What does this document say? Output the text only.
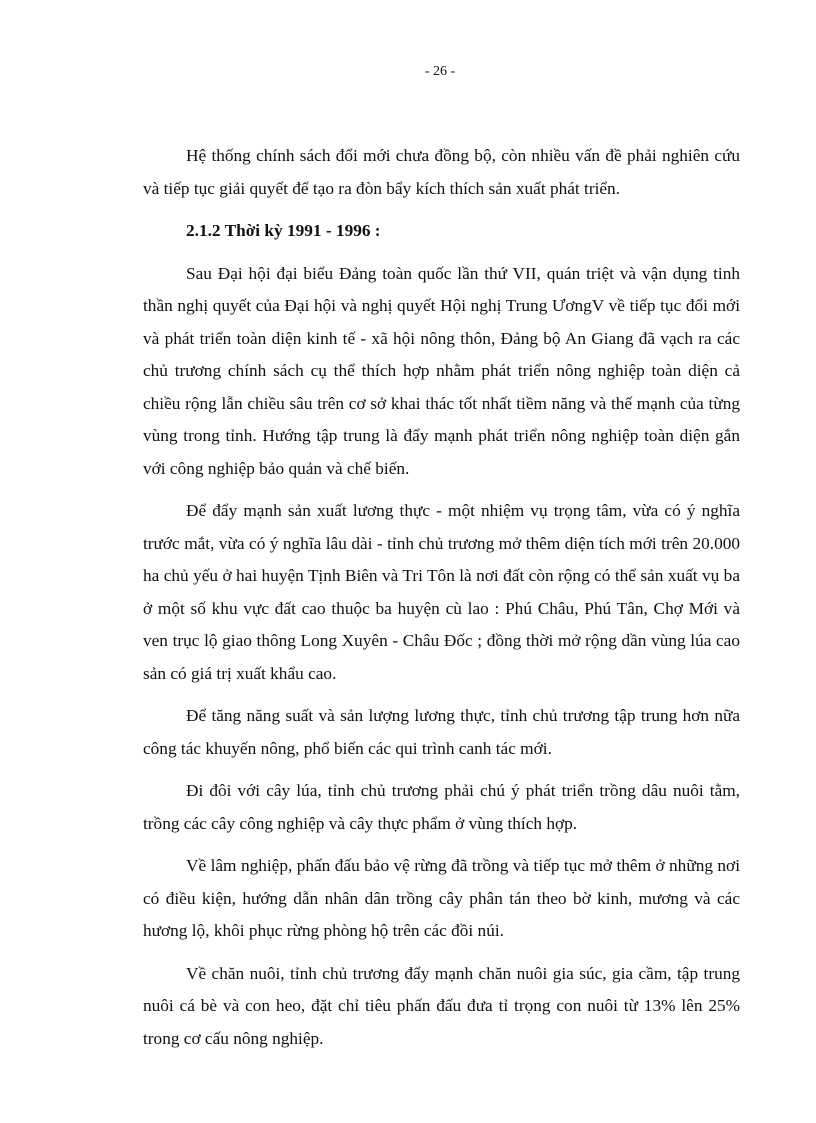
- 26 -

Hệ thống chính sách đổi mới chưa đồng bộ, còn nhiều vấn đề phải nghiên cứu và tiếp tục giải quyết để tạo ra đòn bẩy kích thích sản xuất phát triển.

2.1.2 Thời kỳ 1991 - 1996 :

Sau Đại hội đại biểu Đảng toàn quốc lần thứ VII, quán triệt và vận dụng tinh thần nghị quyết của Đại hội và nghị quyết Hội nghị Trung ƯơngV về tiếp tục đổi mới và phát triển toàn diện kinh tế - xã hội nông thôn, Đảng bộ An Giang đã vạch ra các chủ trương chính sách cụ thể thích hợp nhằm phát triển nông nghiệp toàn diện cả chiều rộng lẫn chiều sâu trên cơ sở khai thác tốt nhất tiềm năng và thế mạnh của từng vùng trong tỉnh. Hướng tập trung là đẩy mạnh phát triển nông nghiệp toàn diện gắn với công nghiệp bảo quản và chế biến.

Để đẩy mạnh sản xuất lương thực - một nhiệm vụ trọng tâm, vừa có ý nghĩa trước mắt, vừa có ý nghĩa lâu dài - tỉnh chủ trương mở thêm diện tích mới trên 20.000 ha chủ yếu ở hai huyện Tịnh Biên và Tri Tôn là nơi đất còn rộng có thể sản xuất vụ ba ở một số khu vực đất cao thuộc ba huyện cù lao : Phú Châu, Phú Tân, Chợ Mới và ven trục lộ giao thông Long Xuyên - Châu Đốc ; đồng thời mở rộng dần vùng lúa cao sản có giá trị xuất khẩu cao.

Để tăng năng suất và sản lượng lương thực, tỉnh chủ trương tập trung hơn nữa công tác khuyến nông, phổ biến các qui trình canh tác mới.

Đi đôi với cây lúa, tỉnh chủ trương phải chú ý phát triển trồng dâu nuôi tằm, trồng các cây công nghiệp và cây thực phẩm ở vùng thích hợp.

Về lâm nghiệp, phấn đấu bảo vệ rừng đã trồng và tiếp tục mở thêm ở những nơi có điều kiện, hướng dẫn nhân dân trồng cây phân tán theo bờ kinh, mương và các hương lộ, khôi phục rừng phòng hộ trên các đồi núi.

Về chăn nuôi, tỉnh chủ trương đẩy mạnh chăn nuôi gia súc, gia cầm, tập trung nuôi cá bè và con heo, đặt chỉ tiêu phấn đấu đưa tỉ trọng con nuôi từ 13% lên 25% trong cơ cấu nông nghiệp.
